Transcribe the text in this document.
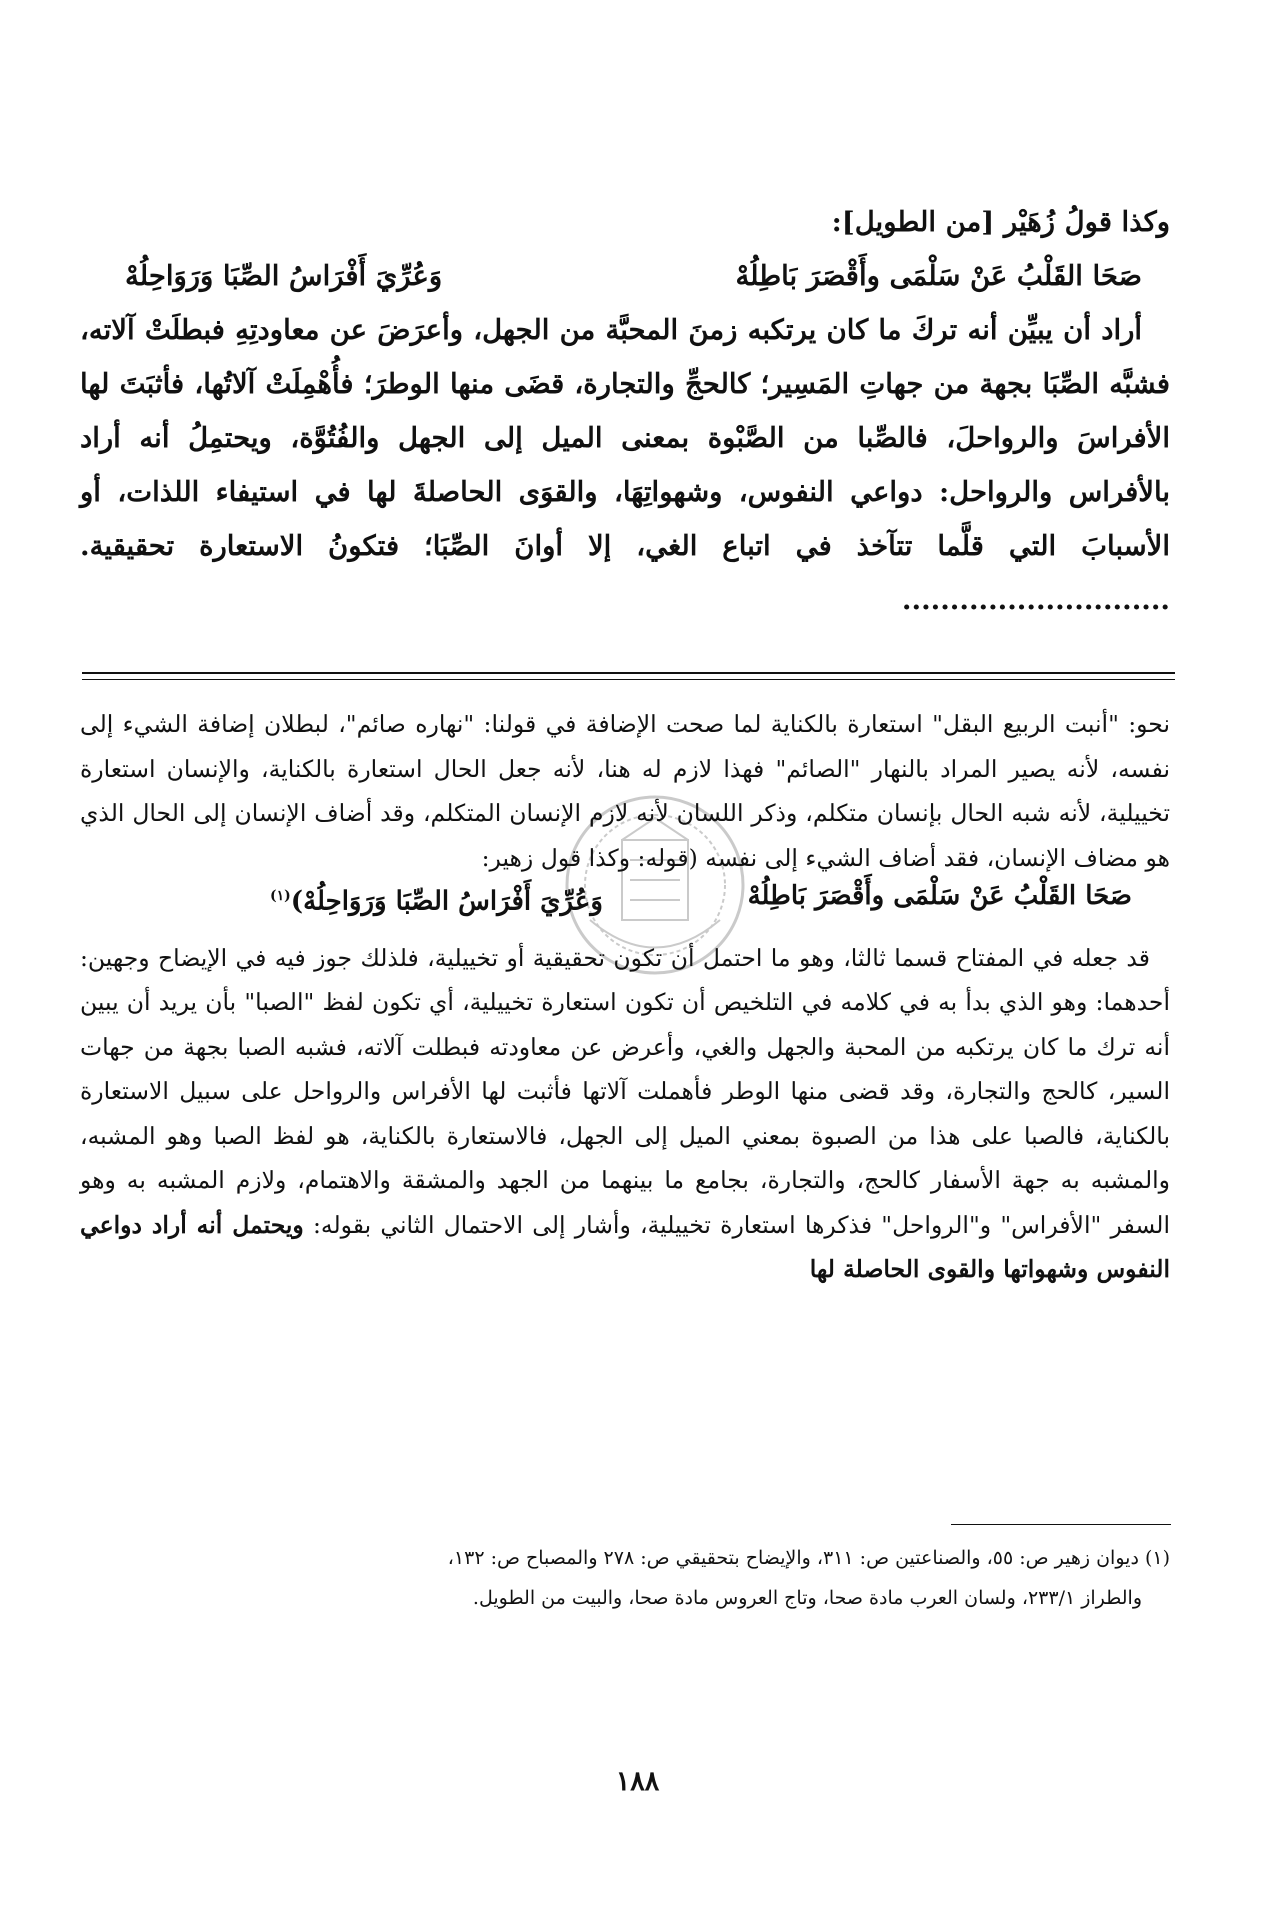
وكذا قولُ زُهَيْر [من الطويل]:

صَحَا القَلْبُ عَنْ سَلْمَى وأَقْصَرَ بَاطِلُهْ
وَعُرِّيَ أَفْرَاسُ الصِّبَا وَرَوَاحِلُهْ

أراد أن يبيِّن أنه تركَ ما كان يرتكبه زمنَ المحبَّة من الجهل، وأعرَضَ عن معاودتِهِ فبطلَتْ آلاته، فشبَّه الصِّبَا بجهة من جهاتِ المَسِير؛ كالحجِّ والتجارة، قضَى منها الوطرَ؛ فأُهْمِلَتْ آلاتُها، فأثبَتَ لها الأفراسَ والرواحلَ، فالصِّبا من الصَّبْوة بمعنى الميل إلى الجهل والفُتُوَّة، ويحتمِلُ أنه أراد بالأفراس والرواحل: دواعي النفوس، وشهواتِهَا، والقوَى الحاصلةَ لها في استيفاء اللذات، أو الأسبابَ التي قلَّما تتآخذ في اتباع الغي، إلا أوانَ الصِّبَا؛ فتكونُ الاستعارة تحقيقية. ............................

نحو: "أنبت الربيع البقل" استعارة بالكناية لما صحت الإضافة في قولنا: "نهاره صائم"، لبطلان إضافة الشيء إلى نفسه، لأنه يصير المراد بالنهار "الصائم" فهذا لازم له هنا، لأنه جعل الحال استعارة بالكناية، والإنسان استعارة تخييلية، لأنه شبه الحال بإنسان متكلم، وذكر اللسان لأنه لازم الإنسان المتكلم، وقد أضاف الإنسان إلى الحال الذي هو مضاف الإنسان، فقد أضاف الشيء إلى نفسه (قوله: وكذا قول زهير:

صَحَا القَلْبُ عَنْ سَلْمَى وأَقْصَرَ بَاطِلُهْ
وَعُرِّيَ أَفْرَاسُ الصِّبَا وَرَوَاحِلُهْ)$^{(١)}$

قد جعله في المفتاح قسما ثالثا، وهو ما احتمل أن تكون تحقيقية أو تخييلية، فلذلك جوز فيه في الإيضاح وجهين: أحدهما: وهو الذي بدأ به في كلامه في التلخيص أن تكون استعارة تخييلية، أي تكون لفظ "الصبا" بأن يريد أن يبين أنه ترك ما كان يرتكبه من المحبة والجهل والغي، وأعرض عن معاودته فبطلت آلاته، فشبه الصبا بجهة من جهات السير، كالحج والتجارة، وقد قضى منها الوطر فأهملت آلاتها فأثبت لها الأفراس والرواحل على سبيل الاستعارة بالكناية، فالصبا على هذا من الصبوة بمعني الميل إلى الجهل، فالاستعارة بالكناية، هو لفظ الصبا وهو المشبه، والمشبه به جهة الأسفار كالحج، والتجارة، بجامع ما بينهما من الجهد والمشقة والاهتمام، ولازم المشبه به وهو السفر "الأفراس" و"الرواحل" فذكرها استعارة تخييلية، وأشار إلى الاحتمال الثاني بقوله: ويحتمل أنه أراد دواعي النفوس وشهواتها والقوى الحاصلة لها

(١) ديوان زهير ص: ٥٥، والصناعتين ص: ٣١١، والإيضاح بتحقيقي ص: ٢٧٨ والمصباح ص: ١٣٢،

والطراز ٢٣٣/١، ولسان العرب مادة صحا، وتاج العروس مادة صحا، والبيت من الطويل.

١٨٨
